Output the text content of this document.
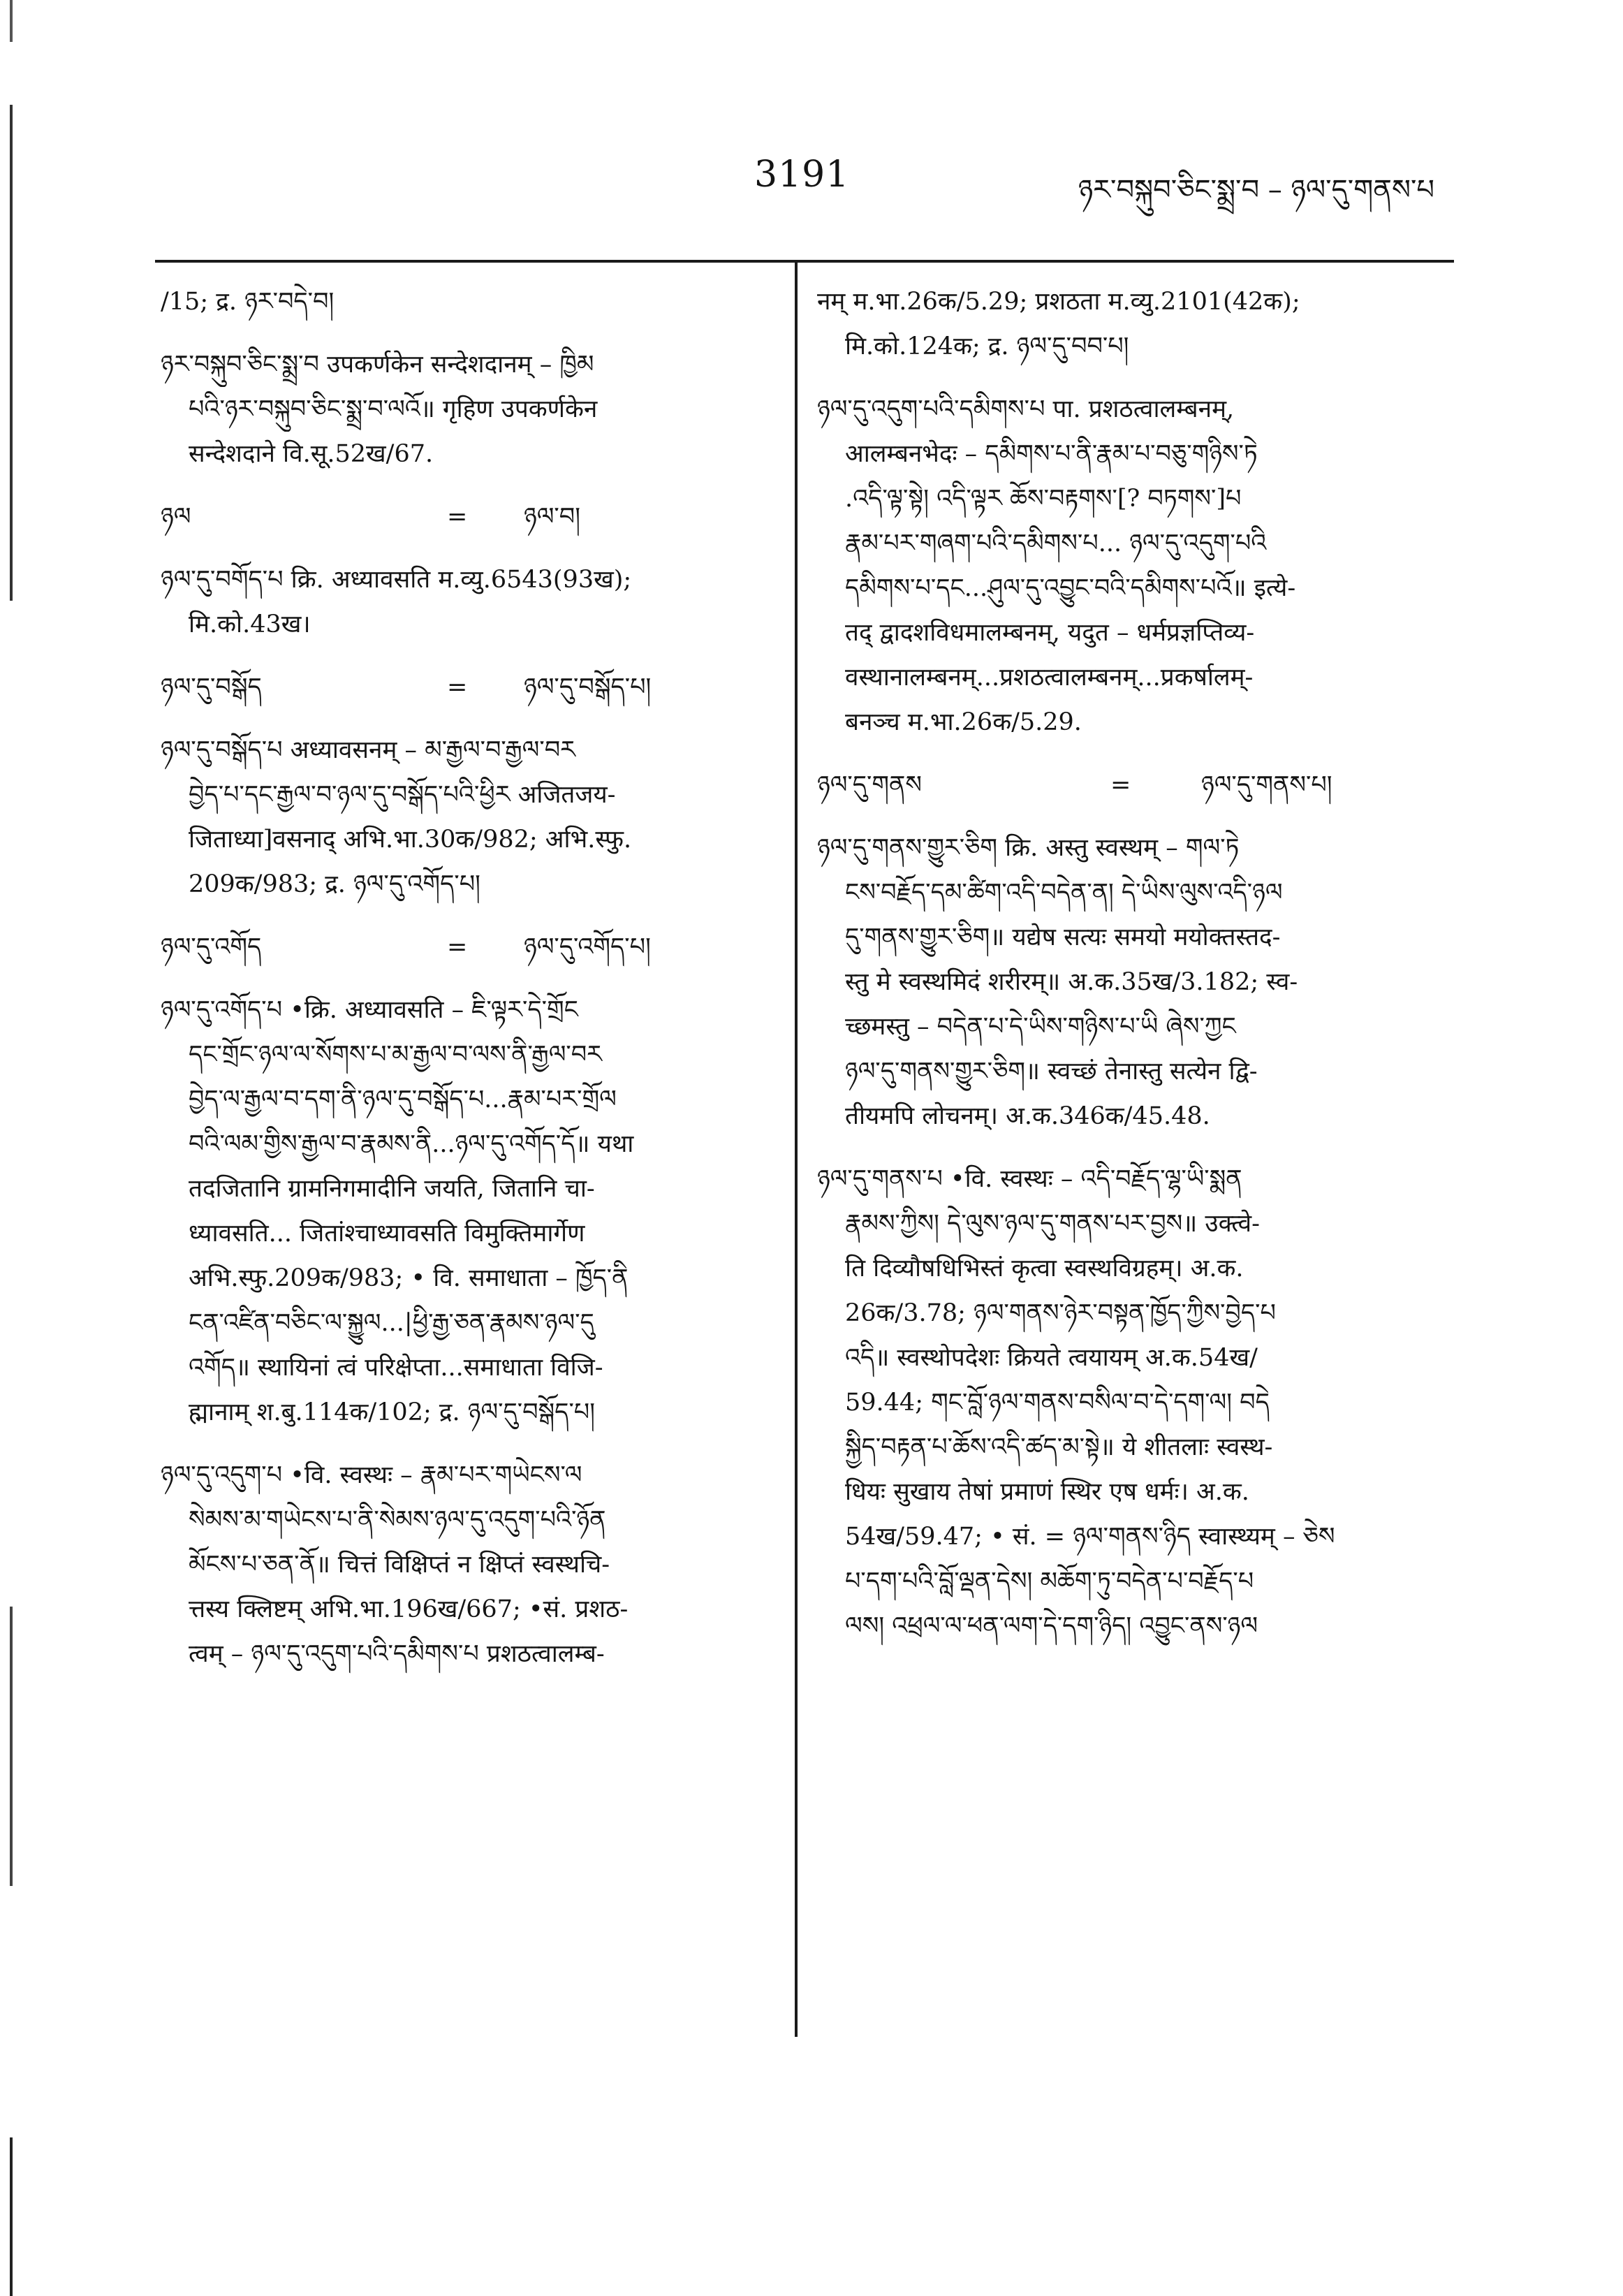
3191	ཉར་བསྐུབ་ཅིང་སྨྲ་བ – ཉལ་དུ་གནས་པ
/15; द्र. ཉར་བདེ་བ།
ཉར་བསྐུབ་ཅིང་སྨྲ་བ उपकर्णकेन सन्देशदानम् – ཁྱིམ
པའི་ཉར་བསྐུབ་ཅིང་སྨྲ་བ་ལའོ॥ गृहिण उपकर्णकेन
सन्देशदाने वि.सू.52ख/67.
ཉལ	= ཉལ་བ།
ཉལ་དུ་བགོད་པ क्रि. अध्यावसति म.व्यु.6543(93ख);
मि.को.43ख।
ཉལ་དུ་བསྒོད	= ཉལ་དུ་བསྒོད་པ།
ཉལ་དུ་བསྒོད་པ अध्यावसनम् – མ་རྒྱལ་བ་རྒྱལ་བར
བྱེད་པ་དང་རྒྱལ་བ་ཉལ་དུ་བསྒོད་པའི་ཕྱིར अजितजय-
जिताध्या]वसनाद् अभि.भा.30क/982; अभि.स्फु.
209क/983; द्र. ཉལ་དུ་འགོད་པ།
ཉལ་དུ་འགོད	= ཉལ་དུ་འགོད་པ།
ཉལ་དུ་འགོད་པ •क्रि. अध्यावसति – ཇི་ལྟར་དེ་གྲོང
དང་གྲོང་ཉལ་ལ་སོགས་པ་མ་རྒྱལ་བ་ལས་ནི་རྒྱལ་བར
བྱེད་ལ་རྒྱལ་བ་དག་ནི་ཉལ་དུ་བསྒོད་པ...རྣམ་པར་གྲོལ
བའི་ལམ་གྱིས་རྒྱལ་བ་རྣམས་ནི...ཉལ་དུ་འགོད་དོ॥ यथा
तदजितानि ग्रामनिगमादीनि जयति, जितानि चा-
ध्यावसति... जितांश्चाध्यावसति विमुक्तिमार्गेण
अभि.स्फु.209क/983; • वि. समाधाता – ཁྱོད་ནི
ངན་འཛིན་བཅིང་ལ་སྐྱུལ...|ཕྱི་རྒྱ་ཅན་རྣམས་ཉལ་དུ
འགོད॥ स्थायिनां त्वं परिक्षेप्ता...समाधाता विजि-
ह्मानाम् श.बु.114क/102; द्र. ཉལ་དུ་བསྒོད་པ།
ཉལ་དུ་འདུག་པ •वि. स्वस्थः – རྣམ་པར་གཡེངས་ལ
སེམས་མ་གཡེངས་པ་ནི་སེམས་ཉལ་དུ་འདུག་པའི་ཉོན
མོངས་པ་ཅན་ནོ॥ चित्तं विक्षिप्तं न क्षिप्तं स्वस्थचि-
त्तस्य क्लिष्टम् अभि.भा.196ख/667; •सं. प्रशठ-
त्वम् – ཉལ་དུ་འདུག་པའི་དམིགས་པ प्रशठत्वालम्ब-
नम् म.भा.26क/5.29; प्रशठता म.व्यु.2101(42क);
मि.को.124क; द्र. ཉལ་དུ་བབ་པ།
ཉལ་དུ་འདུག་པའི་དམིགས་པ पा. प्रशठत्वालम्बनम्,
आलम्बनभेदः – དམིགས་པ་ནི་རྣམ་པ་བཅུ་གཉིས་ཏེ
.འདི་ལྟ་སྟེ། འདི་ལྟར ཆོས་བརྟགས་[? བཏགས་]པ
རྣམ་པར་གཞག་པའི་དམིགས་པ... ཉལ་དུ་འདུག་པའི
དམིགས་པ་དང...ཤུལ་དུ་འབྱུང་བའི་དམིགས་པའོ॥ इत्ये-
तद् द्वादशविधमालम्बनम्, यदुत – धर्मप्रज्ञप्तिव्य-
वस्थानालम्बनम्...प्रशठत्वालम्बनम्...प्रकर्षालम्-
बनञ्च म.भा.26क/5.29.
ཉལ་དུ་གནས	=	ཉལ་དུ་གནས་པ།
ཉལ་དུ་གནས་གྱུར་ཅིག क्रि. अस्तु स्वस्थम् – གལ་ཏེ
ངས་བརྗོད་དམ་ཚིག་འདི་བདེན་ན། དེ་ཡིས་ལུས་འདི་ཉལ
དུ་གནས་གྱུར་ཅིག॥ यद्येष सत्यः समयो मयोक्तस्तद-
स्तु मे स्वस्थमिदं शरीरम्॥ अ.क.35ख/3.182; स्व-
च्छमस्तु – བདེན་པ་དེ་ཡིས་གཉིས་པ་ཡི ཞེས་ཀྱང
ཉལ་དུ་གནས་གྱུར་ཅིག॥ स्वच्छं तेनास्तु सत्येन द्वि-
तीयमपि लोचनम्। अ.क.346क/45.48.
ཉལ་དུ་གནས་པ •वि. स्वस्थः – འདི་བརྗོད་ལྷ་ཡི་སྨན
རྣམས་ཀྱིས། དེ་ལུས་ཉལ་དུ་གནས་པར་བྱས॥ उक्त्वे-
ति दिव्यौषधिभिस्तं कृत्वा स्वस्थविग्रहम्। अ.क.
26क/3.78; ཉལ་གནས་ཉེར་བསྟན་ཁྱོད་ཀྱིས་བྱེད་པ
འདི॥ स्वस्थोपदेशः क्रियते त्वयायम् अ.क.54ख/
59.44; གང་བློ་ཉལ་གནས་བསིལ་བ་དེ་དག་ལ། བདེ
སྐྱིད་བརྟན་པ་ཆོས་འདི་ཚད་མ་སྟེ॥ ये शीतलाः स्वस्थ-
धियः सुखाय तेषां प्रमाणं स्थिर एष धर्मः। अ.क.
54ख/59.47; • सं. = ཉལ་གནས་ཉིད स्वास्थ्यम् – ཅེས
པ་དག་པའི་བློ་ལྡན་དེས། མཆོག་ཏུ་བདེན་པ་བརྗོད་པ
ལས། འཕྲལ་ལ་ཕན་ལག་དེ་དག་ཉིད། འབྱུང་ནས་ཉལ
